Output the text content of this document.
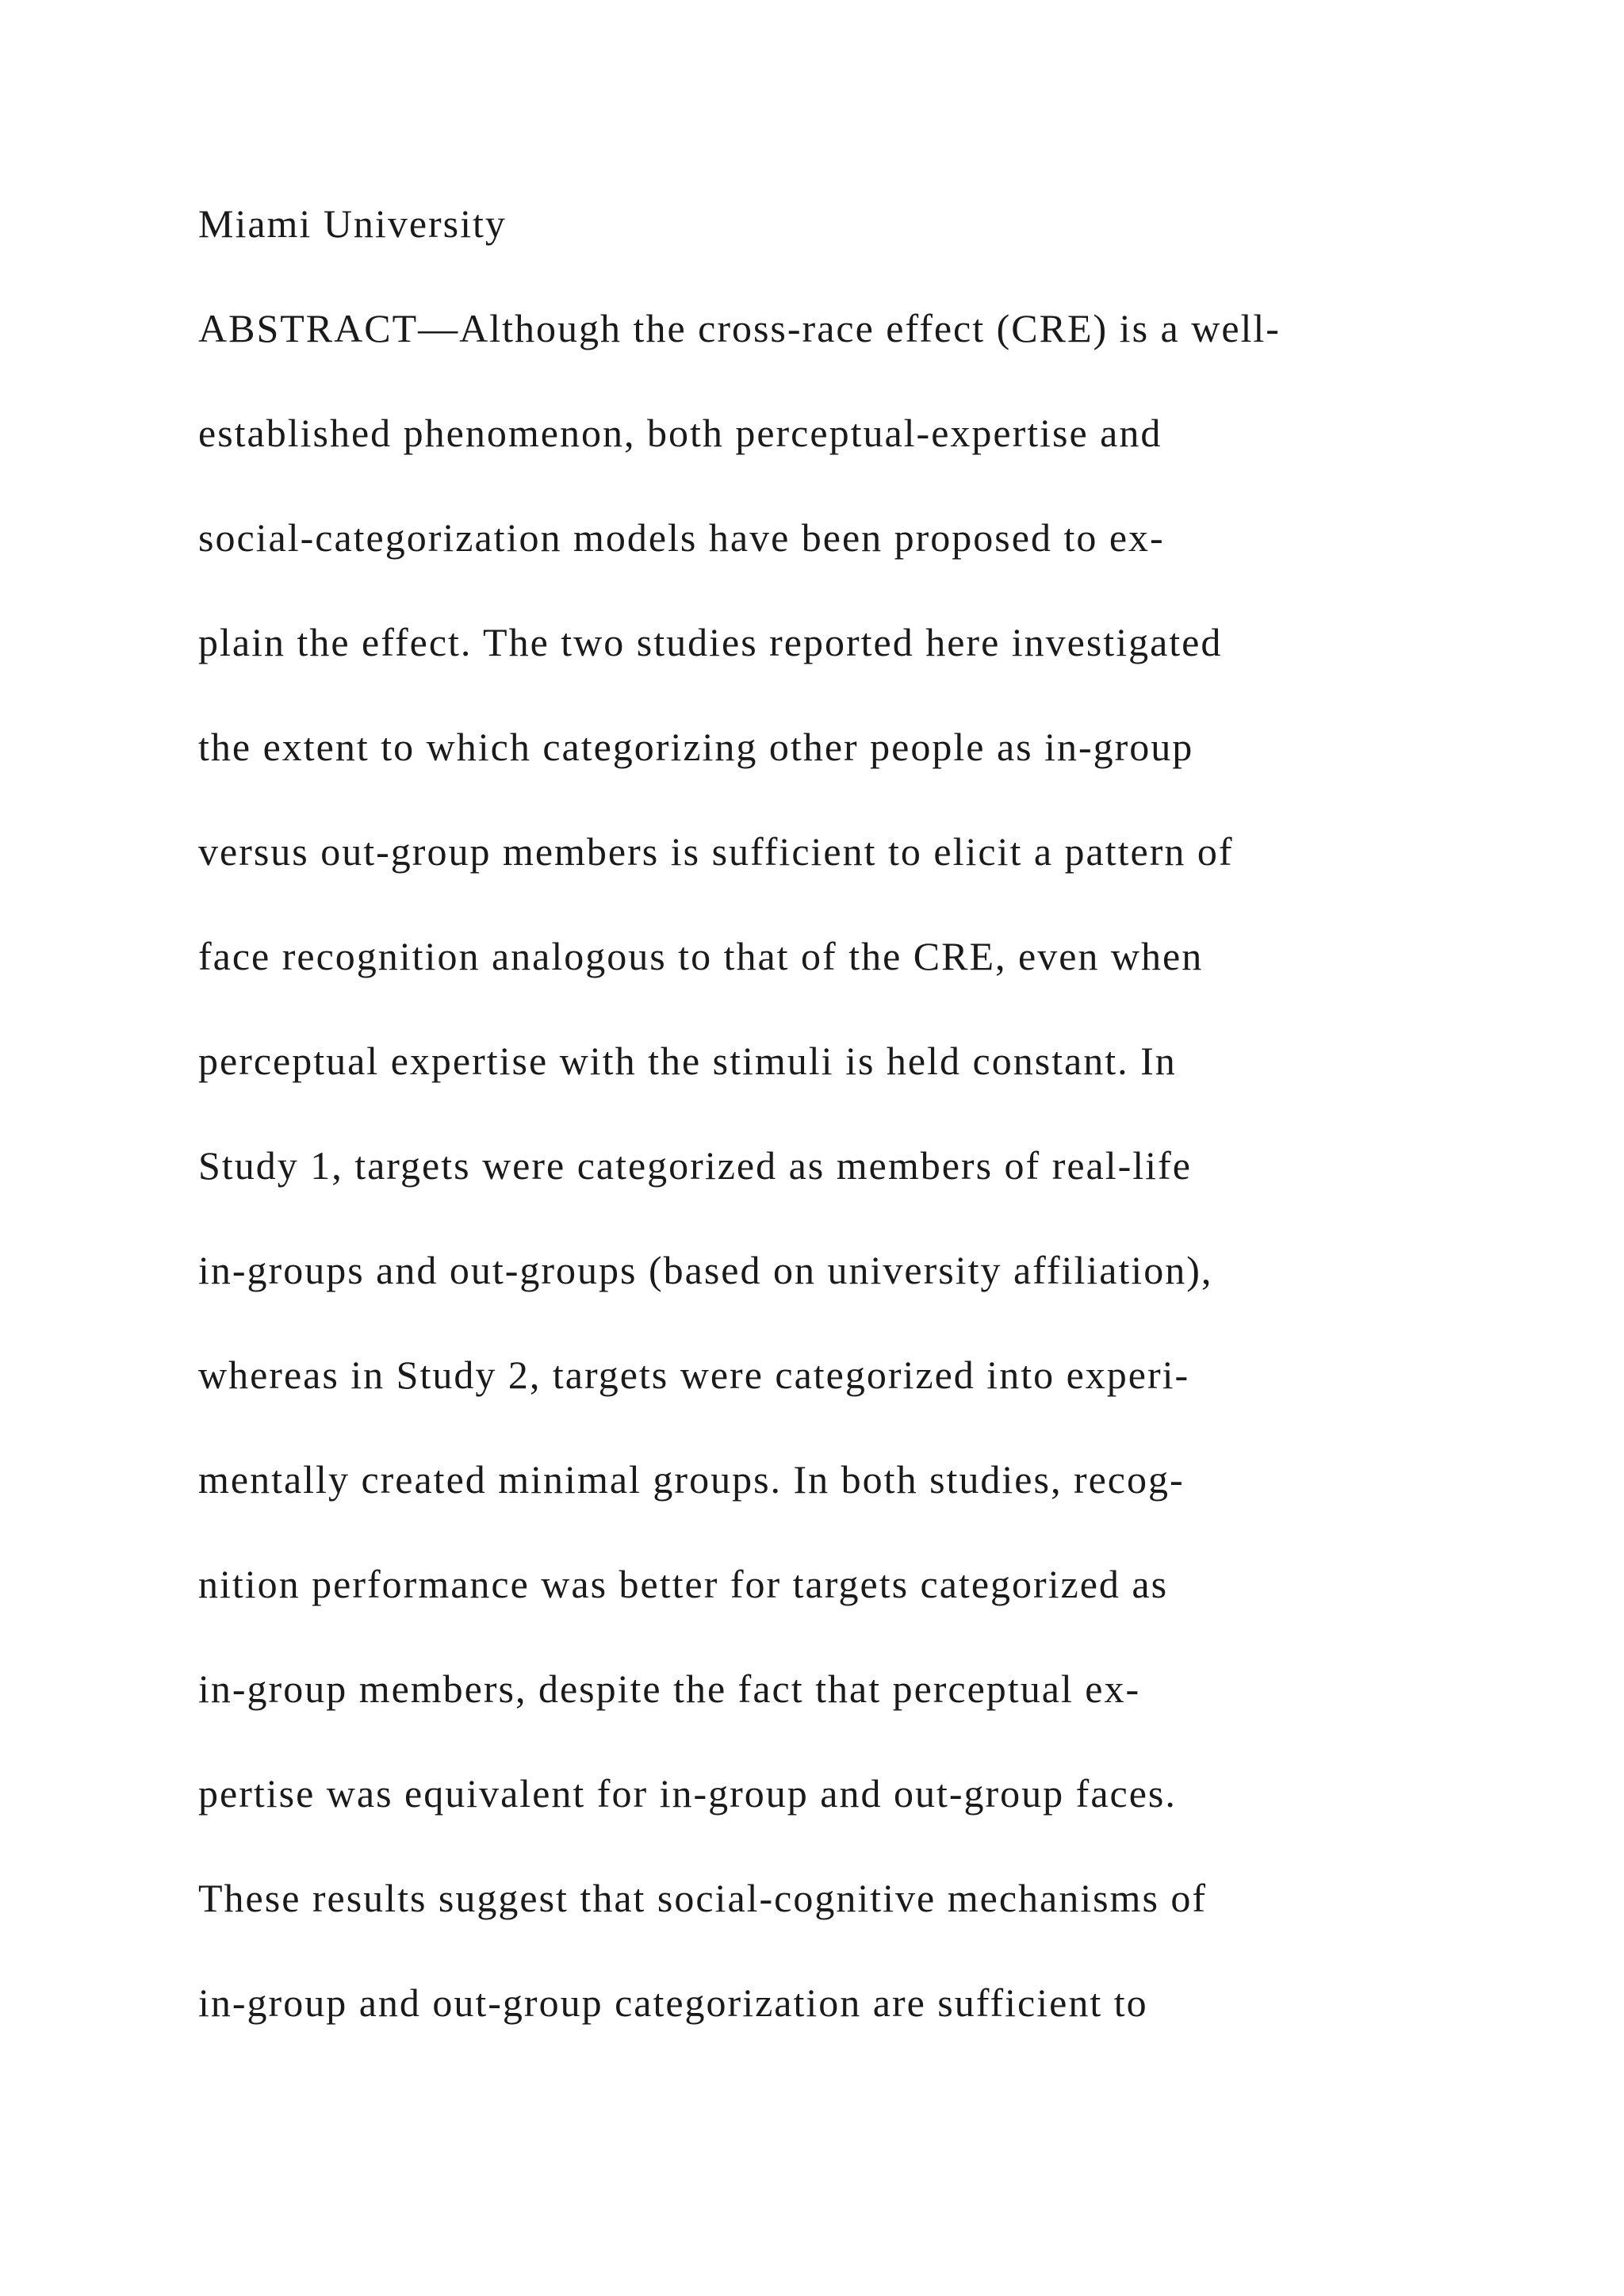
Miami University
ABSTRACT—Although the cross-race effect (CRE) is a well-
established phenomenon, both perceptual-expertise and
social-categorization models have been proposed to ex-
plain the effect. The two studies reported here investigated
the extent to which categorizing other people as in-group
versus out-group members is sufficient to elicit a pattern of
face recognition analogous to that of the CRE, even when
perceptual expertise with the stimuli is held constant. In
Study 1, targets were categorized as members of real-life
in-groups and out-groups (based on university affiliation),
whereas in Study 2, targets were categorized into experi-
mentally created minimal groups. In both studies, recog-
nition performance was better for targets categorized as
in-group members, despite the fact that perceptual ex-
pertise was equivalent for in-group and out-group faces.
These results suggest that social-cognitive mechanisms of
in-group and out-group categorization are sufficient to
